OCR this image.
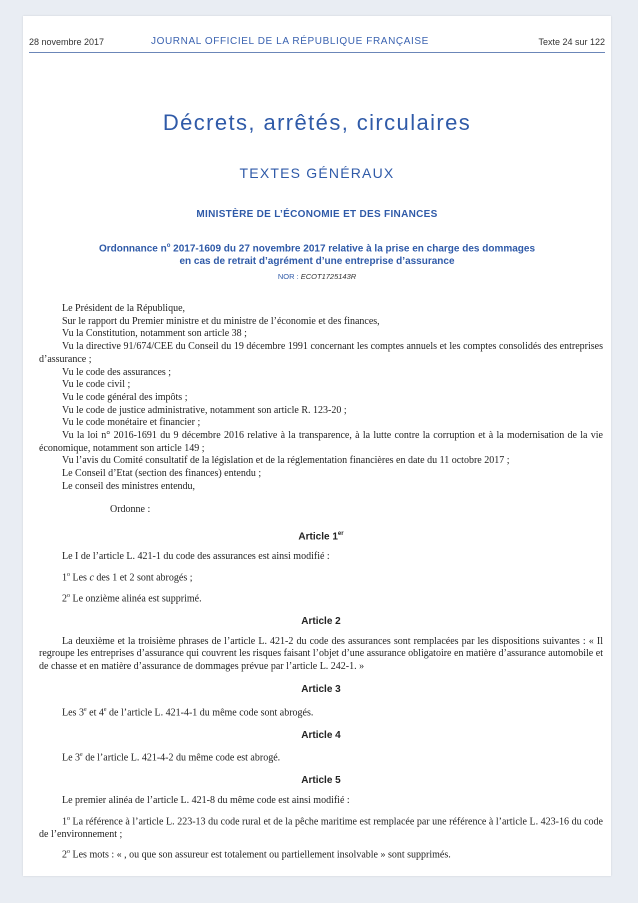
28 novembre 2017	JOURNAL OFFICIEL DE LA RÉPUBLIQUE FRANÇAISE	Texte 24 sur 122
Décrets, arrêtés, circulaires
TEXTES GÉNÉRAUX
MINISTÈRE DE L’ÉCONOMIE ET DES FINANCES
Ordonnance $n^o$ 2017-1609 du 27 novembre 2017 relative à la prise en charge des dommages
en cas de retrait d’agrément d’une entreprise d’assurance
NOR : ECOT1725143R

Le Président de la République,

Sur le rapport du Premier ministre et du ministre de l’économie et des finances,

Vu la Constitution, notamment son article 38 ;

Vu la directive 91/674/CEE du Conseil du 19 décembre 1991 concernant les comptes annuels et les comptes consolidés des entreprises d’assurance ;

Vu le code des assurances ;

Vu le code civil ;

Vu le code général des impôts ;

Vu le code de justice administrative, notamment son article R. 123-20 ;

Vu le code monétaire et financier ;

Vu la loi n° 2016-1691 du 9 décembre 2016 relative à la transparence, à la lutte contre la corruption et à la modernisation de la vie économique, notamment son article 149 ;

Vu l’avis du Comité consultatif de la législation et de la réglementation financières en date du 11 octobre 2017 ;

Le Conseil d’Etat (section des finances) entendu ;

Le conseil des ministres entendu,

Ordonne :

Article 1er

Le I de l’article L. 421-1 du code des assurances est ainsi modifié :

1$^o$ Les c des 1 et 2 sont abrogés ;

2$^o$ Le onzième alinéa est supprimé.

Article 2

La deuxième et la troisième phrases de l’article L. 421-2 du code des assurances sont remplacées par les dispositions suivantes : « Il regroupe les entreprises d’assurance qui couvrent les risques faisant l’objet d’une assurance obligatoire en matière d’assurance automobile et de chasse et en matière d’assurance de dommages prévue par l’article L. 242-1. »

Article 3

Les 3e et 4e de l’article L. 421-4-1 du même code sont abrogés.

Article 4

Le 3e de l’article L. 421-4-2 du même code est abrogé.

Article 5

Le premier alinéa de l’article L. 421-8 du même code est ainsi modifié :

1$^o$ La référence à l’article L. 223-13 du code rural et de la pêche maritime est remplacée par une référence à l’article L. 423-16 du code de l’environnement ;

2$^o$ Les mots : « , ou que son assureur est totalement ou partiellement insolvable » sont supprimés.
